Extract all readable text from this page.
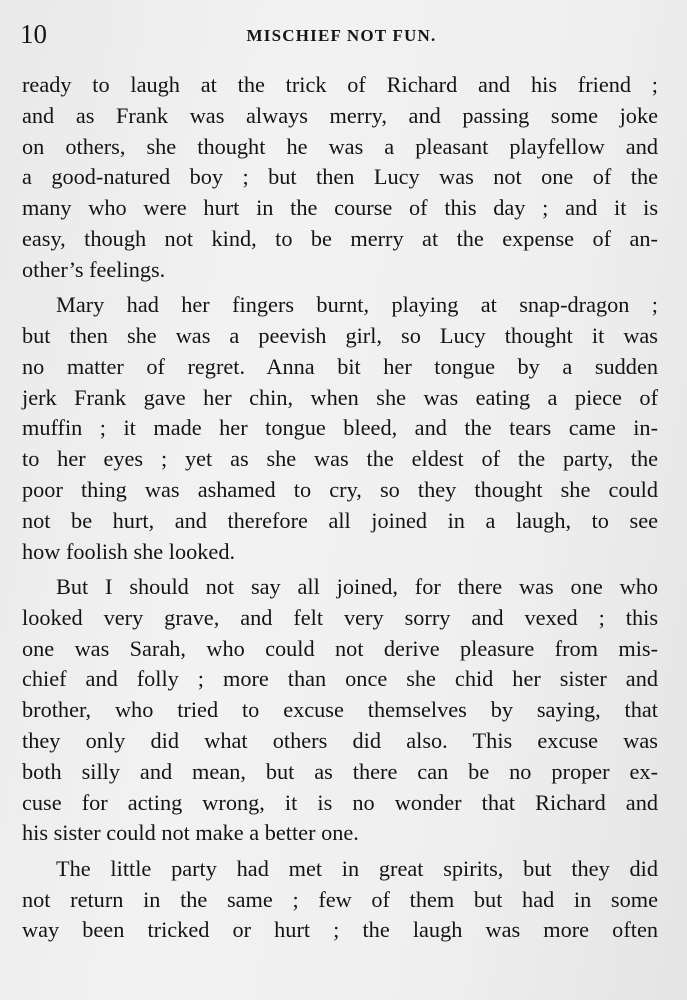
10	MISCHIEF NOT FUN.
ready to laugh at the trick of Richard and his friend ;
and as Frank was always merry, and passing some joke
on others, she thought he was a pleasant playfellow and
a good-natured boy ; but then Lucy was not one of the
many who were hurt in the course of this day ; and it is
easy, though not kind, to be merry at the expense of an-
other’s feelings.
Mary had her fingers burnt, playing at snap-dragon ;
but then she was a peevish girl, so Lucy thought it was
no matter of regret. Anna bit her tongue by a sudden
jerk Frank gave her chin, when she was eating a piece of
muffin ; it made her tongue bleed, and the tears came in-
to her eyes ; yet as she was the eldest of the party, the
poor thing was ashamed to cry, so they thought she could
not be hurt, and therefore all joined in a laugh, to see
how foolish she looked.
But I should not say all joined, for there was one who
looked very grave, and felt very sorry and vexed ; this
one was Sarah, who could not derive pleasure from mis-
chief and folly ; more than once she chid her sister and
brother, who tried to excuse themselves by saying, that
they only did what others did also. This excuse was
both silly and mean, but as there can be no proper ex-
cuse for acting wrong, it is no wonder that Richard and
his sister could not make a better one.
The little party had met in great spirits, but they did
not return in the same ; few of them but had in some
way been tricked or hurt ; the laugh was more often
